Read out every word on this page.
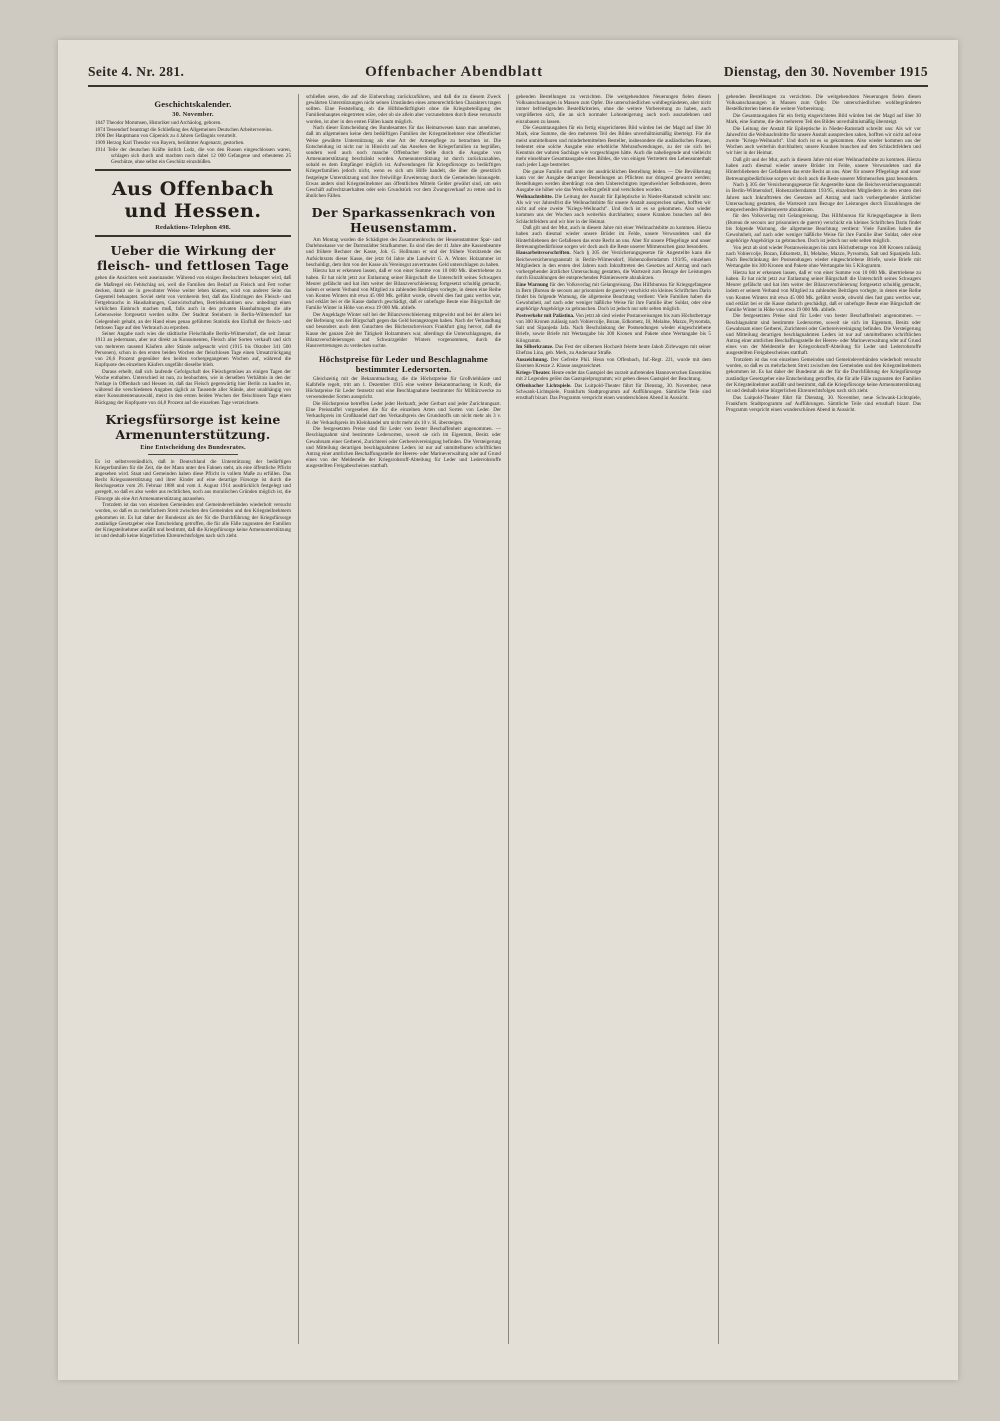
Seite 4. Nr. 281.	Offenbacher Abendblatt	Dienstag, den 30. November 1915
Geschichtskalender.
30. November.
1847 Theodor Mommsen, Historiker und Archäolog, geboren.
1874 Tessendorf beantragt die Schließung des Allgemeinen Deutschen Arbeitervereins.
1906 Der Hauptmann von Cöpenick zu 4 Jahren Gefängnis verurteilt.
1909 Herzog Karl Theodor von Bayern, berühmter Augenarzt, gestorben.
1914 Teile der deutschen Kräfte östlich Lodz, die von den Russen eingeschlossen waren, schlagen sich durch und machten noch dabei 12 000 Gefangene und erbeuteten 25 Geschütze, ohne selbst ein Geschütz einzubüßen.
Aus Offenbach und Hessen.
Redaktions-Telephon 498.
Ueber die Wirkung der fleisch- und fettlosen Tage

gehen die Ansichten weit auseinander. Während von einigen Beobachtern behauptet wird, daß die Maßregel ein Fehlschlag sei, weil die Familien den Bedarf an Fleisch und Fett vorher decken, damit sie in gewohnter Weise weiter leben können, wird von anderer Seite das Gegenteil behauptet. Soviel steht von vornherein fest, daß das Eindringen des Fleisch- und Fettgebrauchs in Haushaltungen, Gastwirtschaften, Betriebskantinen usw. unbedingt einen wirklichen Einbruch machen muß, falls auch in den privaten Haushaltungen die alte Lebensweise fortgesetzt werden sollte. Der Stadtrat Steinborn in Berlin-Wilmersdorf hat Gelegenheit gehabt, an der Hand eines genau geführten Statistik den Einfluß der fleisch- und fettlosen Tage auf den Verbrauch zu erproben.

Seiner Angabe nach wies die städtische Fleischhalle Berlin-Wilmersdorf, die seit Januar 1913 an jedermann, aber nur direkt an Konsumenten, Fleisch aller Sorten verkauft und sich von mehreren tausend Käufern aller Stände aufgesucht wird (1915 bis Oktober 341 500 Personen), schon in den ersten beiden Wochen der fleischlosen Tage einen Umsatzrückgang von 26,6 Prozent gegenüber den beiden vorhergegangenen Wochen auf, während die Kopfquote des einzelnen Käufers ungefähr dieselbe blieb.

Daraus erhellt, daß sich laufende Gefolgschaft des Fleischgemüses an einigen Tagen der Woche enthalten. Unterschied ist nun, zu beobachten, wie in derselben Verhältnis in den der Notlage in Offenbach und Hessen ist, daß das Fleisch gegenwärtig hier Berlin zu kaufen ist, während die verschiedenen Angaben täglich an Tausende aller Stände, aber unabhängig von einer Konsumentenauswahl, meist in den ersten beiden Wochen der fleischlosen Tage einen Rückgang der Kopfquote von 44,8 Prozent auf die einzelnen Tage verzeichnete.

Kriegsfürsorge ist keine Armenunterstützung.
Eine Entscheidung des Bundesrates.

Es ist selbstverständlich, daß in Deutschland die Unterstützung der bedürftigen Kriegerfamilien für die Zeit, die der Mann unter den Fahnen steht, als eine öffentliche Pflicht angesehen wird. Staat und Gemeinden haben diese Pflicht in vollem Maße zu erfüllen. Das Recht Kriegsunterstützung und ihrer Kinder auf eine derartige Fürsorge ist durch die Reichsgesetze vom 28. Februar 1888 und vom 4. August 1914 ausdrücklich festgelegt und geregelt, so daß es also weder aus rechtlichen, noch aus moralischen Gründen möglich ist, die Fürsorge als eine Art Armenunterstützung anzusehen.

Trotzdem ist das von einzelnen Gemeinden und Gemeindeverbänden wiederholt versucht worden, so daß es zu mehrfachem Streit zwischen den Gemeinden und den Kriegsteilnehmern gekommen ist. Es hat daher der Bundesrat als der für die Durchführung der Kriegsfürsorge zuständige Gesetzgeber eine Entscheidung getroffen, die für alle Fälle zugunsten der Familien der Kriegsteilnehmer ausfällt und bestimmt, daß die Kriegsfürsorge keine Armenunterstützung ist und deshalb keine bürgerlichen Ehrenrechtsfolgen nach sich zieht.

schließen seien, die auf die Einberufung zurückzuführen, und daß die zu diesem Zweck gewährten Unterstützungen nicht seinen Umständen eines armenrechtlichen Charakters tragen sollten. Eine Feststellung, ob die Hilfsbedürftigkeit ohne die Kriegsbeteiligung des Familienhauptes eingetreten wäre, oder ob sie allein aber vorzunehmen durch diese verursacht worden, ist aber in den ersten Fällen kaum möglich.

Nach dieser Entscheidung des Bundesamtes für das Heimatwesen kann man annehmen, daß im allgemeinen keine dem bedürftigen Familien der Kriegsteilnehmer eine öffentlicher Weise gewährte Unterstützung als eine Art der Armenpflege zu betrachten ist. Die Entscheidung ist nicht nur in Hinsicht auf das Ansehen der Kriegerfamilien zu begrüßen, sondern weil auch noch manche Offenbacher Stelle durch die Ausgabe von Armenunterstützung beschränkt worden. Armenunterstützung ist durch zurückzuzahlen, sobald es dem Empfänger möglich ist. Aufwendungen für Kriegsfürsorge zu bedürftigen Kriegerfamilien jedoch nicht, wenn es sich um Hilfe handelt, die über die gesetzlich festgelegte Unterstützung und ihre freiwillige Erweiterung durch die Gemeinden hinausgeht. Etwas anders sind Kriegsteilnehmer aus öffentlichen Mitteln Gelder gewährt sind, um sein Geschäft aufrechtzuerhalten oder sein Grundstück vor dem Zwangsverkauf zu retten und in ähnlichen Fällen.

Der Sparkassenkrach von Heusenstamm.

Am Montag wurden die Schädigten des Zusammenbruchs der Heusenstammer Spar- und Darlehnskasse vor der Darmstädter Strafkammer. Es sind dies der 41 Jahre alte Kassenbeamte und frühere Rechner der Kasse, Joh. G. Hollmann er und der frühere Vorsitzende des Aufsichtsrats dieser Kasse, der jetzt 64 Jahre alte Landwirt G. A. Winter. Holzammer ist beschuldigt, dem ihm von der Kasse als Vereinsgut anvertrautes Geld unterschlagen zu haben.

Hierzu hat er erkennen lassen, daß er von einer Summe von 10 000 Mk. übertriebene zu haben. Er hat nicht jetzt zur Entlastung seiner Bürgschaft die Unterschrift seines Schwagers Meurer gefälscht und hat ihm weiter der Bilanzverschleierung fortgesetzt schuldig gemacht, indem er seinem Verband von Mitglied zu zahlenden Beiträgen vorlegte, in denen eine Reihe von Konten Winters mit etwa 45 000 Mk. geführt wurde, obwohl dies fast ganz wertlos war, und erklärt bei er die Kasse dadurch geschädigt, daß er unbefugte Beute eine Bürgschaft der Familie Winter in Höhe von etwa 19 000 Mk. abliefe.

Der Angeklagte Winter soll bei der Bilanzverschleierung mitgewirkt und bei der allem bei der Befreiung von der Bürgschaft gegen das Geld herangezogen haben. Nach der Verhandlung und besonders auch dem Gutachten des Bücherachrevisors Frankfurt ging hervor, daß die Kasse der ganzen Zeit der Tätigkeit Holzammers war, allerdings die Unterschlagungen, die Bilanzverschleierungen und Schwarzgelder Winters vorgenommen, durch die Hausvertretungen zu verdecken suchte.

Höchstpreise für Leder und Beschlagnahme bestimmter Ledersorten.

Gleichzeitig mit der Bekanntmachung, die die Höchstpreise für Großviehhäute und Kalbfelle regelt, tritt am 1. Dezember 1915 eine weitere Bekanntmachung in Kraft, die Höchstpreise für Leder festsetzt und eine Beschlagnahme bestimmter für Militärzwecke zu verwendender Sorten ausspricht.

Die Höchstpreise betreffen Leder jeder Herkunft, jeder Gerbart und jeder Zurichtungsart. Eine Preisstaffel vorgesehen die für die einzelnen Arten und Sorten von Leder. Der Verkaufspreis im Großhandel darf den Verkaufspreis des Grundstoffs um nicht mehr als 3 v. H. der Verkaufspreis im Kleinhandel um nicht mehr als 10 v. H. übersteigen.

Die festgesetzten Preise sind für Leder von bester Beschaffenheit angenommen. — Beschlagnahmt sind bestimmte Ledersorten, soweit sie sich im Eigentum, Besitz oder Gewahrsam einer Gerberei, Zurichterei oder Gerbereivereinigung befinden. Die Versteigerung und Mitteilung derartigen beschlagnahmten Leders ist nur auf unmittelbaren schriftlichen Antrag einer amtlichen Beschaffungsstelle der Heeres- oder Marineverwaltung oder auf Grund eines von der Meldestelle der Kriegsrohstoff-Abteilung für Leder und Lederrohstoffe ausgestellten Freigabescheines statthaft.

gehenden Bestellungen zu verzichten. Die weitgehendsten Neuerungen fielen diesen Volksanschauungen in Massen zum Opfer. Die unterschiedlichen wohlbegründeten, aber nicht immer befriedigenden Bestellkriterien, ohne die weitere Vorbereitung zu haben, auch vergrößerten sich, die an sich normaler Lohnsteigerung auch noch auszudehnen und einzubauen zu lassen.

Die Gesamtausgaben für ein fertig eingerichtetes Bild würden bei der Magd auf über 30 Mark, eine Summe, die den mehreren Teil des Bildes unverhältnismäßig überteigt. Für die meist unmittelbaren und minderbemittelten Besteller, insbesondere die ausländischen Frauen, bedeutet eine solche Ausgabe eine erhebliche Mehraufwendungen, zu der sie sich bei Kenntnis der wahren Sachlage wie vorgeschlagen hätte. Auch die naheliegende und vielleicht mehr einsehbare Gesamtausgabe eines Bildes, die von einigen Vertretern den Lebensunterhalt nach jeder Lage bestreitet.

Die ganze Familie muß unter der ausdrücklichen Bestellung leiden. — Die Bevölkerung kann vor der Ausgabe derartiger Bestellungen an Pflichten nur dringend gewarnt werden; Bestellungen werden überdrängt von dem Unberechtigten irgendwelcher Selbstkosten, deren Ausgabe sie höher wie das Werk selbst gefeilt und verschoben worden.

Weihnachtsbitte. Die Leitung der Anstalt für Epileptische in Nieder-Ramstadt schreibt uns: Als wir vor Jahresfrist die Weihnachtsbitte für unsere Anstalt aussprechen sahen, hofften wir nicht auf eine zweite "Kriegs-Weihnacht". Und doch ist es so gekommen. Also wieder kommen uns der Wochen auch weiterhin durchhalten; unsere Kranken brauchen auf den Schlachtfeldern und wir hier in der Heimat.

Daß gilt und der Mut, auch in diesem Jahre mit einer Weihnachtsbitte zu kommen. Hierzu haben auch diesmal wieder unsere Brüder im Felde, unsere Verwundeten und die Hinterbliebenen der Gefallenen das erste Recht an uns. Aber für unsere Pflegelinge und unser Betreuungsbedürfnisse sorgen wir doch auch die Reste unserer Mitmenschen ganz besonders.

Hausarbeitsvorschriften. Nach § 305 der Versicherungsgesetze für Angestellte kann die Reichsversicherungsanstalt in Berlin-Wilmersdorf, Hohenzollerndamm 193/95, einzelnen Mitgliedern in den ersten drei Jahren nach Inkrafttreten des Gesetzes auf Antrag und nach vorhergehender ärztlicher Untersuchung gestatten, die Wartezeit zum Bezuge der Leistungen durch Einzahlungen der entsprechenden Prämienwerte abzukürzen.

Eine Warnung für den Volksverlag mit Gelangreisung. Das Hilfsbureau für Kriegsgefangene in Bern (Bureau de secours aur prisonniers de guerre) verschickt ein kleines Schriftchen Darin findet bis folgende Warnung, die allgemeine Beachtung verdient: Viele Familien haben die Gewohnheit, auf nach oder weniger häßliche Weise für ihre Familie über Soldat, oder eine angehörige Angehörige zu gebrauchen. Doch ist jedoch nur sehr selten möglich.

Postverkehr mit Palästina. Von jetzt ab sind wieder Postanweisungen bis zum Höchstbetrage von 300 Kronen zulässig nach Vobiercolje, Bozan, Edkometz, Ill, Melalne, Mazzo, Pyrsomda, Salt und Sipanjeda Jafa. Nach Beschränkung der Postsendungen wieder eingeschriebene Briefe, sowie Briefe mit Wertangabe bis 300 Kronen und Pakete ohne Wertangabe bis 5 Kilogramm.

Im Silberkranze. Das Fest der silbernen Hochzeit feierte heute Jakob Zirlewagen mit seiner Ehefrau Lina, geb. Merk, zu Andersaur Straße.

Auszeichnung. Der Gefreite Phil. Heun von Offenbach, Inf.-Regt. 221, wurde mit dem Eisernen Kreuze 2. Klasse ausgezeichnet.

Kriegs-Theater. Heute endet das Gastspiel des zurzeit aufretenden Hannoverschen Ensembles mit 2 Legenden gelöst das Gastspielprogramm; wir geben dieses Gastspiel der Beachtung.

Offenbacher Lichtspiele. Das Luitpold-Theater führt für Dienstag, 30. November, neue Schwank-Lichtspiele, Frankfurts Stadtprogramm auf Aufführungen. Sämtliche Teile sind ernsthaft bizarr. Das Programm verspricht einen wunderschönen Abend in Aussicht.

gehenden Bestellungen zu verzichten. Die weitgehendsten Neuerungen fielen diesen Volksanschauungen in Massen zum Opfer. Die unterschiedlichen wohlbegründeten Bestellkriterien bieten die weitere Vorbereitung.

Die Gesamtausgaben für ein fertig eingerichtetes Bild würden bei der Magd auf über 30 Mark, eine Summe, die den mehreren Teil des Bildes unverhältnismäßig übersteigt.

Die Leitung der Anstalt für Epileptische in Nieder-Ramstadt schreibt uns: Als wir vor Jahresfrist die Weihnachtsbitte für unsere Anstalt aussprechen sahen, hofften wir nicht auf eine zweite "Kriegs-Weihnacht". Und doch ist es so gekommen. Also wieder kommen uns der Wochen auch weiterhin durchhalten; unsere Kranken brauchen auf den Schlachtfeldern und wir hier in der Heimat.

Daß gilt und der Mut, auch in diesem Jahre mit einer Weihnachtsbitte zu kommen. Hierzu haben auch diesmal wieder unsere Brüder im Felde, unsere Verwundeten und die Hinterbliebenen der Gefallenen das erste Recht an uns. Aber für unsere Pflegelinge und unser Betreuungsbedürfnisse sorgen wir doch auch die Reste unserer Mitmenschen ganz besonders.

Nach § 305 der Versicherungsgesetze für Angestellte kann die Reichsversicherungsanstalt in Berlin-Wilmersdorf, Hohenzollerndamm 193/95, einzelnen Mitgliedern in den ersten drei Jahren nach Inkrafttreten des Gesetzes auf Antrag und nach vorhergehender ärztlicher Untersuchung gestatten, die Wartezeit zum Bezuge der Leistungen durch Einzahlungen der entsprechenden Prämienwerte abzukürzen.

für den Volksverlag mit Gelangreisung. Das Hilfsbureau für Kriegsgefangene in Bern (Bureau de secours aur prisonniers de guerre) verschickt ein kleines Schriftchen Darin findet bis folgende Warnung, die allgemeine Beachtung verdient: Viele Familien haben die Gewohnheit, auf nach oder weniger häßliche Weise für ihre Familie über Soldat, oder eine angehörige Angehörige zu gebrauchen. Doch ist jedoch nur sehr selten möglich.

Von jetzt ab sind wieder Postanweisungen bis zum Höchstbetrage von 300 Kronen zulässig nach Vobiercolje, Bozan, Edkometz, Ill, Melalne, Mazzo, Pyrsomda, Salt und Sipanjeda Jafa. Nach Beschränkung der Postsendungen wieder eingeschriebene Briefe, sowie Briefe mit Wertangabe bis 300 Kronen und Pakete ohne Wertangabe bis 5 Kilogramm.

Hierzu hat er erkennen lassen, daß er von einer Summe von 10 000 Mk. übertriebene zu haben. Er hat nicht jetzt zur Entlastung seiner Bürgschaft die Unterschrift seines Schwagers Meurer gefälscht und hat ihm weiter der Bilanzverschleierung fortgesetzt schuldig gemacht, indem er seinem Verband von Mitglied zu zahlenden Beiträgen vorlegte, in denen eine Reihe von Konten Winters mit etwa 45 000 Mk. geführt wurde, obwohl dies fast ganz wertlos war, und erklärt bei er die Kasse dadurch geschädigt, daß er unbefugte Beute eine Bürgschaft der Familie Winter in Höhe von etwa 19 000 Mk. abliefe.

Die festgesetzten Preise sind für Leder von bester Beschaffenheit angenommen. — Beschlagnahmt sind bestimmte Ledersorten, soweit sie sich im Eigentum, Besitz oder Gewahrsam einer Gerberei, Zurichterei oder Gerbereivereinigung befinden. Die Versteigerung und Mitteilung derartigen beschlagnahmten Leders ist nur auf unmittelbaren schriftlichen Antrag einer amtlichen Beschaffungsstelle der Heeres- oder Marineverwaltung oder auf Grund eines von der Meldestelle der Kriegsrohstoff-Abteilung für Leder und Lederrohstoffe ausgestellten Freigabescheines statthaft.

Trotzdem ist das von einzelnen Gemeinden und Gemeindeverbänden wiederholt versucht worden, so daß es zu mehrfachem Streit zwischen den Gemeinden und den Kriegsteilnehmern gekommen ist. Es hat daher der Bundesrat als der für die Durchführung der Kriegsfürsorge zuständige Gesetzgeber eine Entscheidung getroffen, die für alle Fälle zugunsten der Familien der Kriegsteilnehmer ausfällt und bestimmt, daß die Kriegsfürsorge keine Armenunterstützung ist und deshalb keine bürgerlichen Ehrenrechtsfolgen nach sich zieht.

Das Luitpold-Theater führt für Dienstag, 30. November, neue Schwank-Lichtspiele, Frankfurts Stadtprogramm auf Aufführungen. Sämtliche Teile sind ernsthaft bizarr. Das Programm verspricht einen wunderschönen Abend in Aussicht.
